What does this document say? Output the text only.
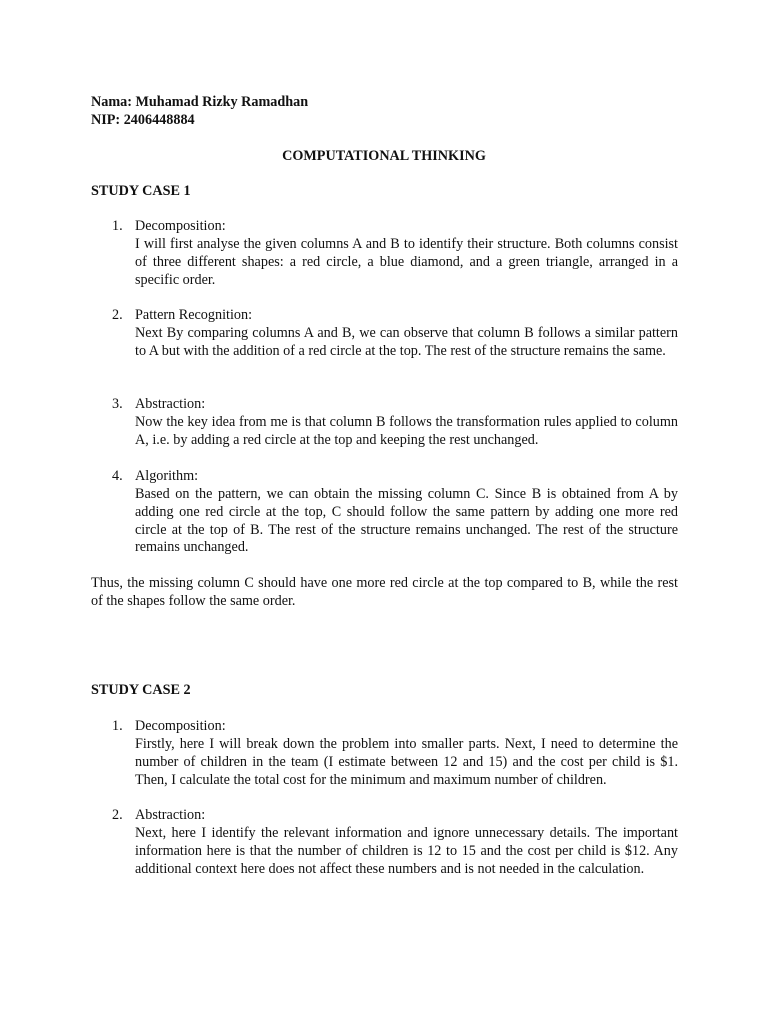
Nama: Muhamad Rizky Ramadhan
NIP: 2406448884
COMPUTATIONAL THINKING
STUDY CASE 1
1. Decomposition:
I will first analyse the given columns A and B to identify their structure. Both columns consist of three different shapes: a red circle, a blue diamond, and a green triangle, arranged in a specific order.
2. Pattern Recognition:
Next By comparing columns A and B, we can observe that column B follows a similar pattern to A but with the addition of a red circle at the top. The rest of the structure remains the same.
3. Abstraction:
Now the key idea from me is that column B follows the transformation rules applied to column A, i.e. by adding a red circle at the top and keeping the rest unchanged.
4. Algorithm:
Based on the pattern, we can obtain the missing column C. Since B is obtained from A by adding one red circle at the top, C should follow the same pattern by adding one more red circle at the top of B. The rest of the structure remains unchanged. The rest of the structure remains unchanged.
Thus, the missing column C should have one more red circle at the top compared to B, while the rest of the shapes follow the same order.
STUDY CASE 2
1. Decomposition:
Firstly, here I will break down the problem into smaller parts. Next, I need to determine the number of children in the team (I estimate between 12 and 15) and the cost per child is $1. Then, I calculate the total cost for the minimum and maximum number of children.
2. Abstraction:
Next, here I identify the relevant information and ignore unnecessary details. The important information here is that the number of children is 12 to 15 and the cost per child is $12. Any additional context here does not affect these numbers and is not needed in the calculation.
